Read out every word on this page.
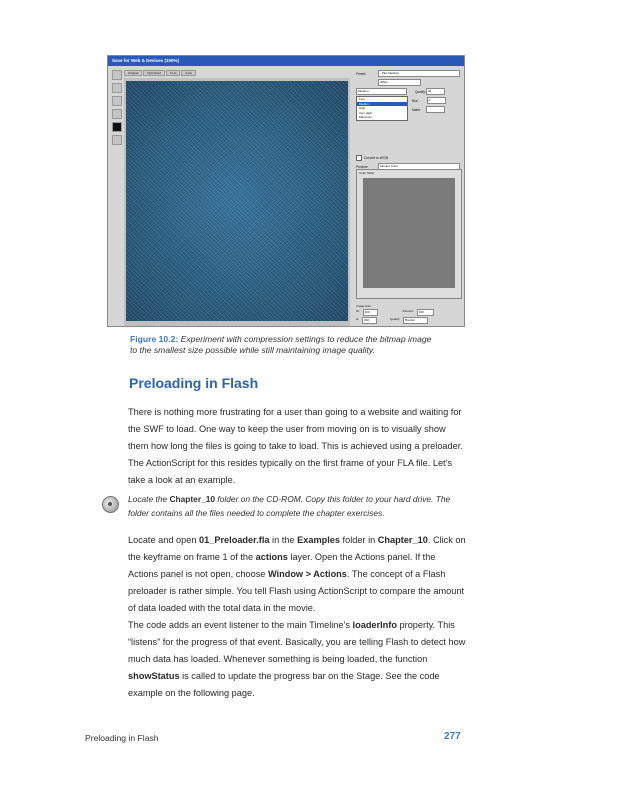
Save for Web & Devices (100%)
Original	Optimized	2-Up	4-Up	Preset:	- Plus Medium
JPEG
Medium	Quality: 30
Blur:	0
Matte:
Convert to sRGB
Preview:	Monitor Color
Low
Medium
High
Very High
Maximum
Color Table
Image Size
W:	300	Percent:	100
H:	300	Quality:	Bicubic
Figure 10.2: Experiment with compression settings to reduce the bitmap image
to the smallest size possible while still maintaining image quality.
Preloading in Flash

There is nothing more frustrating for a user than going to a website and waiting for the SWF to load. One way to keep the user from moving on is to visually show them how long the files is going to take to load. This is achieved using a preloader. The ActionScript for this resides typically on the first frame of your FLA file. Let’s take a look at an example.

Locate the Chapter_10 folder on the CD-ROM. Copy this folder to your hard drive. The folder contains all the files needed to complete the chapter exercises.

Locate and open 01_Preloader.fla in the Examples folder in Chapter_10. Click on the keyframe on frame 1 of the actions layer. Open the Actions panel. If the Actions panel is not open, choose Window > Actions. The concept of a Flash preloader is rather simple. You tell Flash using ActionScript to compare the amount of data loaded with the total data in the movie.

The code adds an event listener to the main Timeline’s loaderInfo property. This “listens” for the progress of that event. Basically, you are telling Flash to detect how much data has loaded. Whenever something is being loaded, the function showStatus is called to update the progress bar on the Stage. See the code example on the following page.

Preloading in Flash	277
